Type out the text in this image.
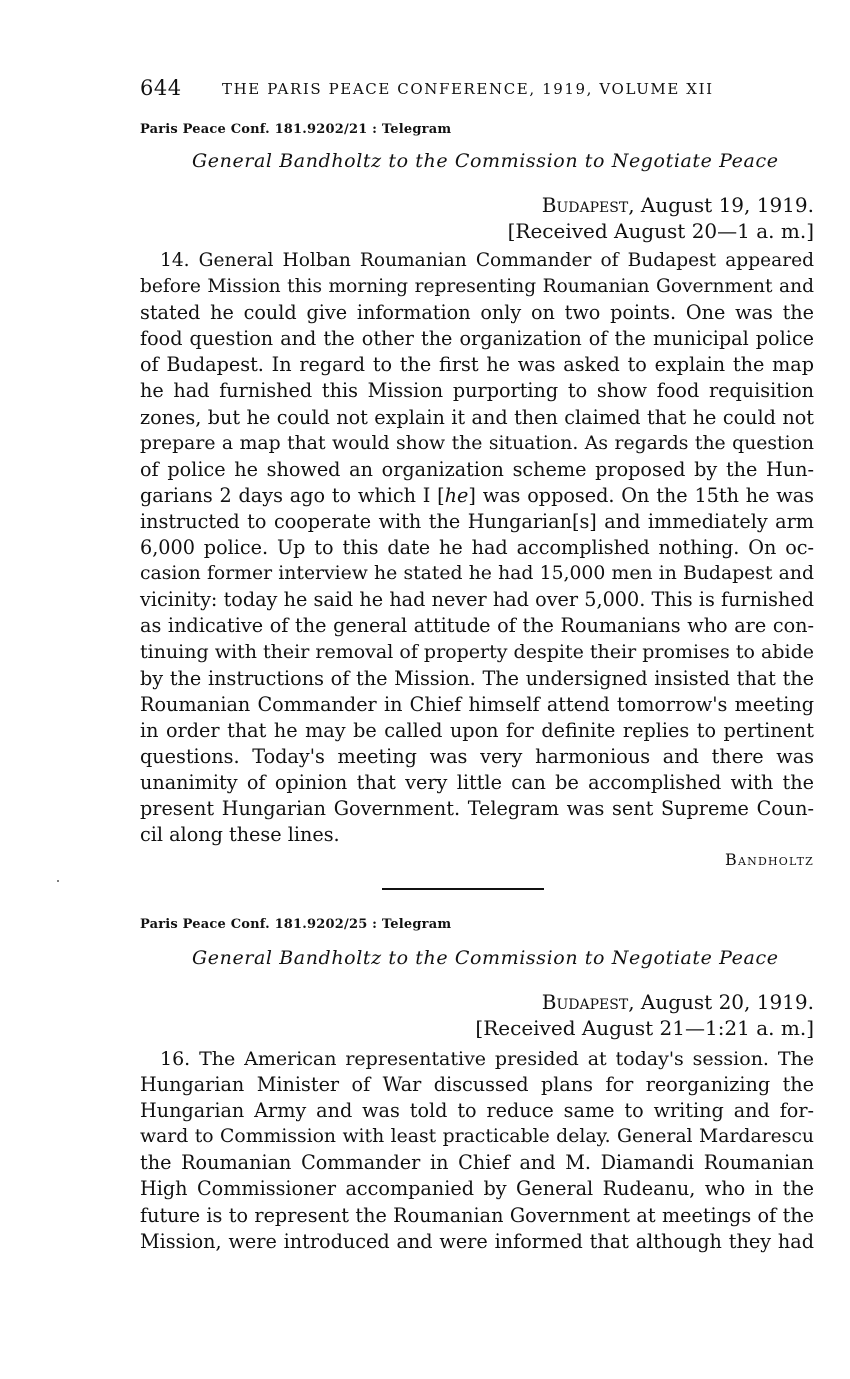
644	THE PARIS PEACE CONFERENCE, 1919, VOLUME XII
Paris Peace Conf. 181.9202/21 : Telegram
General Bandholtz to the Commission to Negotiate Peace
Budapest, August 19, 1919.
[Received August 20—1 a. m.]
14. General Holban Roumanian Commander of Budapest appeared
before Mission this morning representing Roumanian Government and
stated he could give information only on two points. One was the
food question and the other the organization of the municipal police
of Budapest. In regard to the first he was asked to explain the map
he had furnished this Mission purporting to show food requisition
zones, but he could not explain it and then claimed that he could not
prepare a map that would show the situation. As regards the question
of police he showed an organization scheme proposed by the Hun-
garians 2 days ago to which I [he] was opposed. On the 15th he was
instructed to cooperate with the Hungarian[s] and immediately arm
6,000 police. Up to this date he had accomplished nothing. On oc-
casion former interview he stated he had 15,000 men in Budapest and
vicinity: today he said he had never had over 5,000. This is furnished
as indicative of the general attitude of the Roumanians who are con-
tinuing with their removal of property despite their promises to abide
by the instructions of the Mission. The undersigned insisted that the
Roumanian Commander in Chief himself attend tomorrow's meeting
in order that he may be called upon for definite replies to pertinent
questions. Today's meeting was very harmonious and there was
unanimity of opinion that very little can be accomplished with the
present Hungarian Government. Telegram was sent Supreme Coun-
cil along these lines.
Bandholtz
Paris Peace Conf. 181.9202/25 : Telegram
General Bandholtz to the Commission to Negotiate Peace
Budapest, August 20, 1919.
[Received August 21—1:21 a. m.]
16. The American representative presided at today's session. The
Hungarian Minister of War discussed plans for reorganizing the
Hungarian Army and was told to reduce same to writing and for-
ward to Commission with least practicable delay. General Mardarescu
the Roumanian Commander in Chief and M. Diamandi Roumanian
High Commissioner accompanied by General Rudeanu, who in the
future is to represent the Roumanian Government at meetings of the
Mission, were introduced and were informed that although they had
